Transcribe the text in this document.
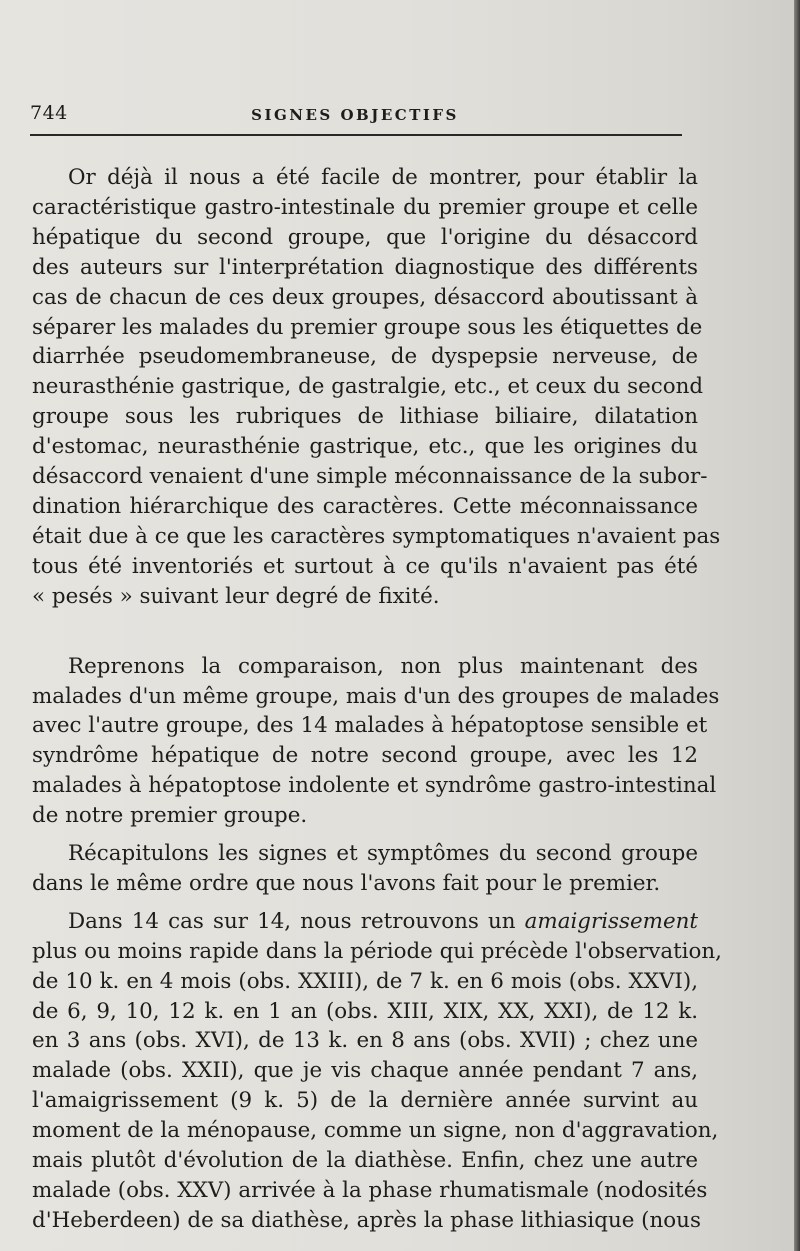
744	SIGNES OBJECTIFS

Or déjà il nous a été facile de montrer, pour établir la
caractéristique gastro-intestinale du premier groupe et celle
hépatique du second groupe, que l'origine du désaccord
des auteurs sur l'interprétation diagnostique des différents
cas de chacun de ces deux groupes, désaccord aboutissant à
séparer les malades du premier groupe sous les étiquettes de
diarrhée pseudomembraneuse, de dyspepsie nerveuse, de
neurasthénie gastrique, de gastralgie, etc., et ceux du second
groupe sous les rubriques de lithiase biliaire, dilatation
d'estomac, neurasthénie gastrique, etc., que les origines du
désaccord venaient d'une simple méconnaissance de la subor-
dination hiérarchique des caractères. Cette méconnaissance
était due à ce que les caractères symptomatiques n'avaient pas
tous été inventoriés et surtout à ce qu'ils n'avaient pas été
« pesés » suivant leur degré de fixité.

Reprenons la comparaison, non plus maintenant des
malades d'un même groupe, mais d'un des groupes de malades
avec l'autre groupe, des 14 malades à hépatoptose sensible et
syndrôme hépatique de notre second groupe, avec les 12
malades à hépatoptose indolente et syndrôme gastro-intestinal
de notre premier groupe.

Récapitulons les signes et symptômes du second groupe
dans le même ordre que nous l'avons fait pour le premier.

Dans 14 cas sur 14, nous retrouvons un amaigrissement
plus ou moins rapide dans la période qui précède l'observation,
de 10 k. en 4 mois (obs. XXIII), de 7 k. en 6 mois (obs. XXVI),
de 6, 9, 10, 12 k. en 1 an (obs. XIII, XIX, XX, XXI), de 12 k.
en 3 ans (obs. XVI), de 13 k. en 8 ans (obs. XVII) ; chez une
malade (obs. XXII), que je vis chaque année pendant 7 ans,
l'amaigrissement (9 k. 5) de la dernière année survint au
moment de la ménopause, comme un signe, non d'aggravation,
mais plutôt d'évolution de la diathèse. Enfin, chez une autre
malade (obs. XXV) arrivée à la phase rhumatismale (nodosités
d'Heberdeen) de sa diathèse, après la phase lithiasique (nous
